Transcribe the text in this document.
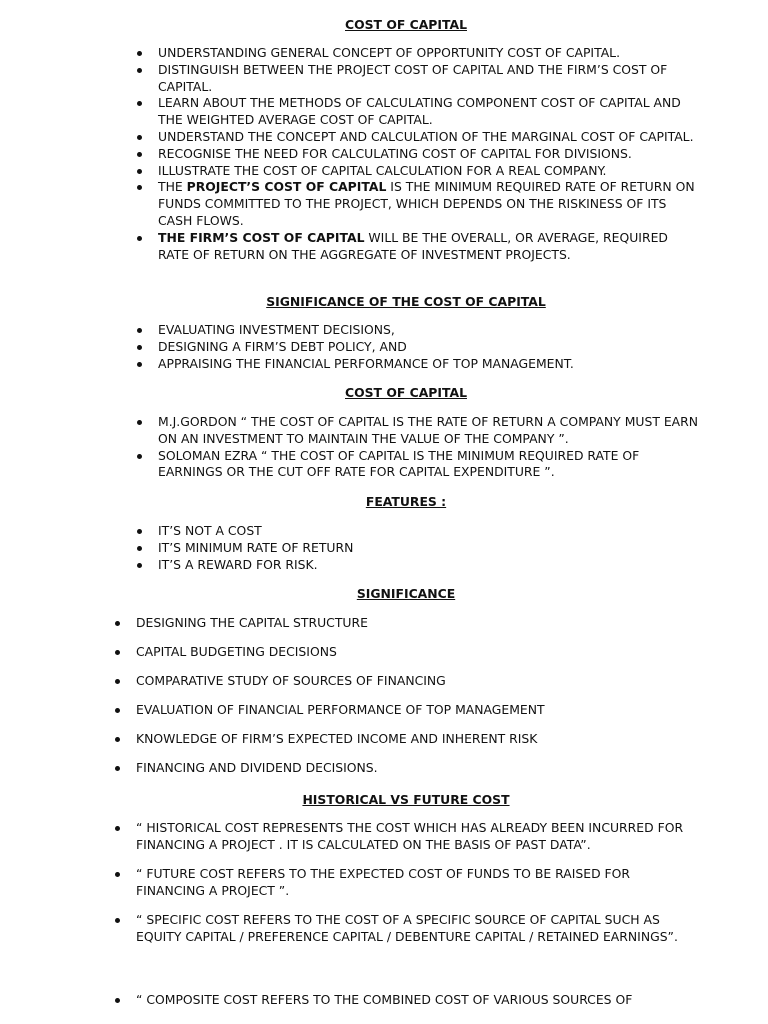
COST OF CAPITAL
UNDERSTANDING GENERAL CONCEPT OF OPPORTUNITY COST OF CAPITAL.
DISTINGUISH BETWEEN THE PROJECT COST OF CAPITAL AND THE FIRM’S COST OF CAPITAL.
LEARN ABOUT THE METHODS OF CALCULATING COMPONENT COST OF CAPITAL AND THE WEIGHTED AVERAGE COST OF CAPITAL.
UNDERSTAND THE CONCEPT AND CALCULATION OF THE MARGINAL COST OF CAPITAL.
RECOGNISE THE NEED FOR CALCULATING COST OF CAPITAL FOR DIVISIONS.
ILLUSTRATE THE COST OF CAPITAL CALCULATION FOR A REAL COMPANY.
THE PROJECT’S COST OF CAPITAL IS THE MINIMUM REQUIRED RATE OF RETURN ON FUNDS COMMITTED TO THE PROJECT, WHICH DEPENDS ON THE RISKINESS OF ITS CASH FLOWS.
THE FIRM’S COST OF CAPITAL WILL BE THE OVERALL, OR AVERAGE, REQUIRED RATE OF RETURN ON THE AGGREGATE OF INVESTMENT PROJECTS.
SIGNIFICANCE OF THE COST OF CAPITAL
EVALUATING INVESTMENT DECISIONS,
DESIGNING A FIRM’S DEBT POLICY, AND
APPRAISING THE FINANCIAL PERFORMANCE OF TOP MANAGEMENT.
COST OF CAPITAL
M.J.GORDON “ THE COST OF CAPITAL IS THE RATE OF RETURN A COMPANY MUST EARN ON AN INVESTMENT TO MAINTAIN THE VALUE OF THE COMPANY ”.
SOLOMAN EZRA “ THE COST OF CAPITAL IS THE MINIMUM REQUIRED RATE OF EARNINGS OR THE CUT OFF RATE FOR CAPITAL EXPENDITURE ”.
FEATURES :
IT’S NOT A COST
IT’S MINIMUM RATE OF RETURN
IT’S A REWARD FOR RISK.
SIGNIFICANCE
DESIGNING THE CAPITAL STRUCTURE
CAPITAL BUDGETING DECISIONS
COMPARATIVE STUDY OF SOURCES OF FINANCING
EVALUATION OF FINANCIAL PERFORMANCE OF TOP MANAGEMENT
KNOWLEDGE OF FIRM’S EXPECTED INCOME AND INHERENT RISK
FINANCING AND DIVIDEND DECISIONS.
HISTORICAL VS FUTURE COST
“ HISTORICAL COST REPRESENTS THE COST WHICH HAS ALREADY BEEN INCURRED FOR FINANCING A PROJECT . IT IS CALCULATED ON THE BASIS OF PAST DATA”.
“ FUTURE COST REFERS TO THE EXPECTED COST OF FUNDS TO BE RAISED FOR FINANCING A PROJECT ”.
“ SPECIFIC COST REFERS TO THE COST OF A SPECIFIC SOURCE OF CAPITAL SUCH AS EQUITY CAPITAL / PREFERENCE CAPITAL / DEBENTURE CAPITAL / RETAINED EARNINGS”.
“ COMPOSITE COST REFERS TO THE COMBINED COST OF VARIOUS SOURCES OF
